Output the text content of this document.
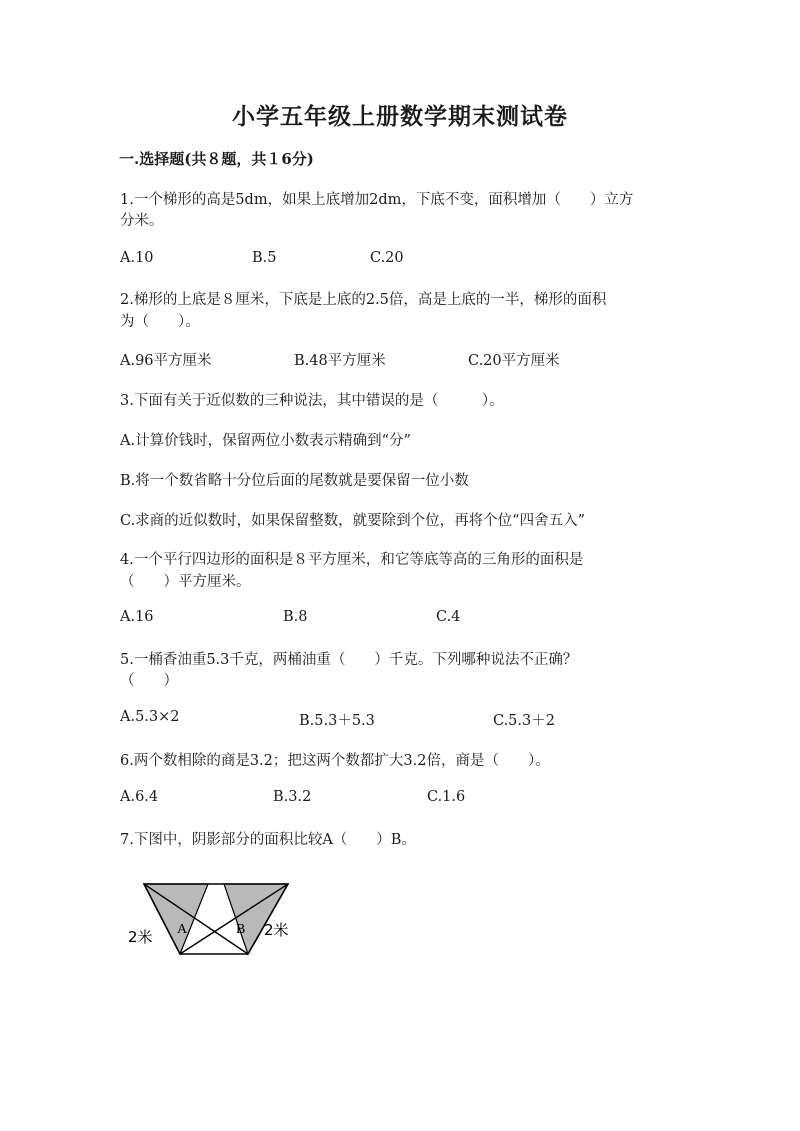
小学五年级上册数学期末测试卷
一.选择题(共８题，共１6分)
1.一个梯形的高是5dm，如果上底增加2dm，下底不变，面积增加（　　）立方
分米。
A.10	B.5	C.20
2.梯形的上底是８厘米，下底是上底的2.5倍，高是上底的一半，梯形的面积
为（　　）。
A.96平方厘米	B.48平方厘米	C.20平方厘米
3.下面有关于近似数的三种说法，其中错误的是（　　　）。
A.计算价钱时，保留两位小数表示精确到“分”
B.将一个数省略十分位后面的尾数就是要保留一位小数
C.求商的近似数时，如果保留整数，就要除到个位，再将个位“四舍五入”
4.一个平行四边形的面积是８平方厘米，和它等底等高的三角形的面积是
（　　）平方厘米。
A.16	B.8	C.4
5.一桶香油重5.3千克，两桶油重（　　）千克。下列哪种说法不正确？
（　　）
A.5.3×2	B.5.3＋5.3	C.5.3＋2
6.两个数相除的商是3.2；把这两个数都扩大3.2倍，商是（　　）。
A.6.4	B.3.2	C.1.6
7.下图中，阴影部分的面积比较A（　　）B。
A	B
2米	2米
